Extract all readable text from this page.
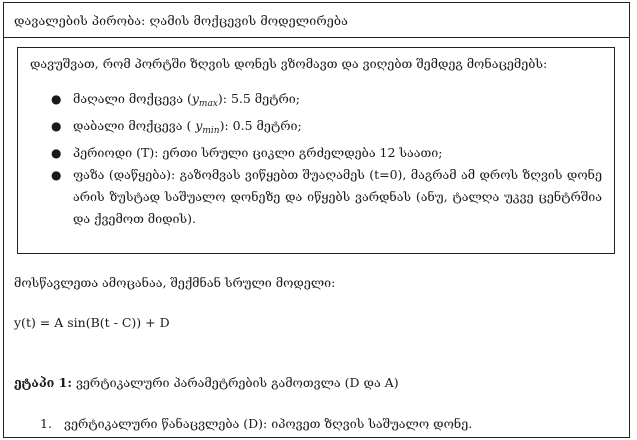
დავალების პირობა: ღამის მოქცევის მოდელირება
დავუშვათ, რომ პორტში ზღვის დონეს ვზომავთ და ვიღებთ შემდეგ მონაცემებს:
● მაღალი მოქცევა $(y_{max})$: 5.5 მეტრი;
● დაბალი მოქცევა ( $y_{min}$): 0.5 მეტრი;
● პერიოდი (T): ერთი სრული ციკლი გრძელდება 12 საათი;
● ფაზა (დაწყება): გაზომვას ვიწყებთ შუაღამეს (t=0), მაგრამ ამ დროს ზღვის დონე არის ზუსტად საშუალო დონეზე და იწყებს ვარდნას (ანუ, ტალღა უკვე ცენტრშია და ქვემოთ მიდის).
მოსწავლეთა ამოცანაა, შექმნან სრული მოდელი:
y(t) = A sin(B(t - C)) + D
ეტაპი 1: ვერტიკალური პარამეტრების გამოთვლა (D და A)
1. ვერტიკალური წანაცვლება (D): იპოვეთ ზღვის საშუალო დონე.
